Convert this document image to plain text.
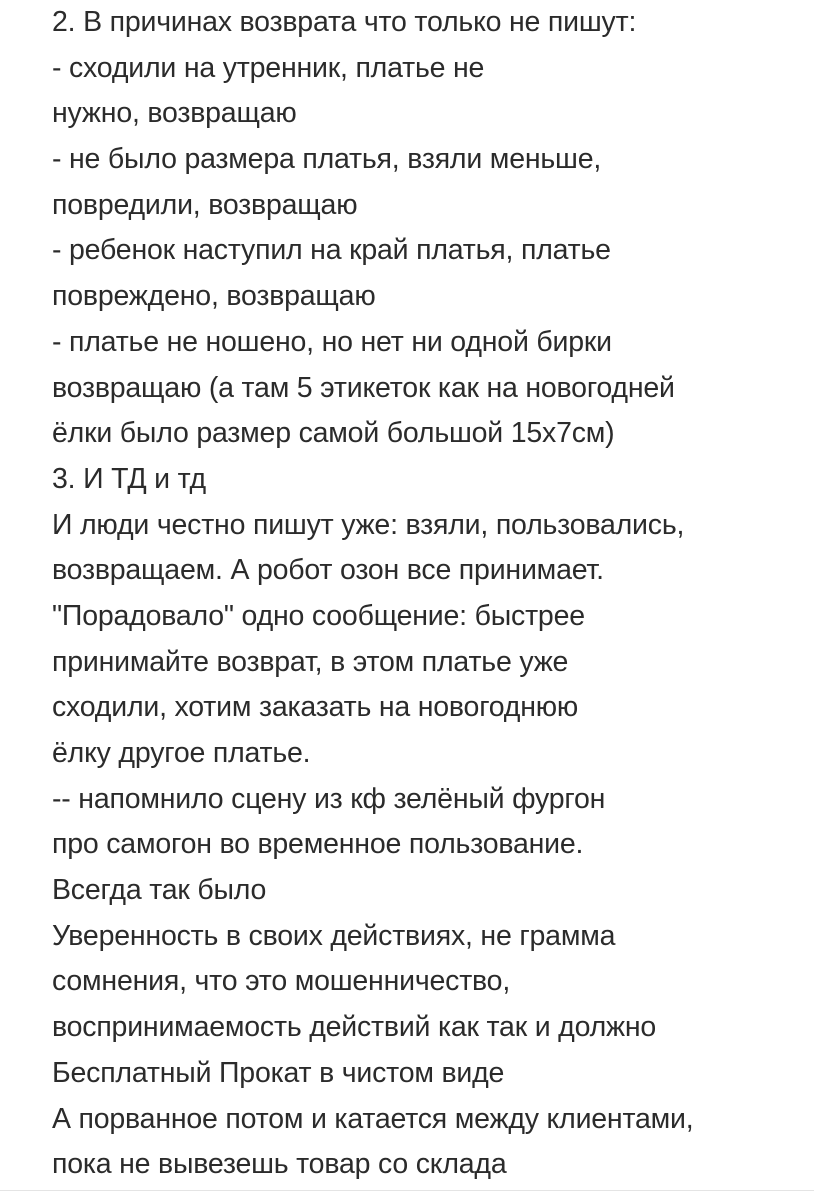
2. В причинах возврата что только не пишут:
- сходили на утренник, платье не
нужно, возвращаю
- не было размера платья, взяли меньше,
повредили, возвращаю
- ребенок наступил на край платья, платье
повреждено, возвращаю
- платье не ношено, но нет ни одной бирки
возвращаю (а там 5 этикеток как на новогодней
ёлки было размер самой большой 15х7см)
3. И ТД и тд
И люди честно пишут уже: взяли, пользовались,
возвращаем. А робот озон все принимает.
"Порадовало" одно сообщение: быстрее
принимайте возврат, в этом платье уже
сходили, хотим заказать на новогоднюю
ёлку другое платье.
-- напомнило сцену из кф зелёный фургон
про самогон во временное пользование.
Всегда так было
Уверенность в своих действиях, не грамма
сомнения, что это мошенничество,
воспринимаемость действий как так и должно
Бесплатный Прокат в чистом виде
А порванное потом и катается между клиентами,
пока не вывезешь товар со склада
